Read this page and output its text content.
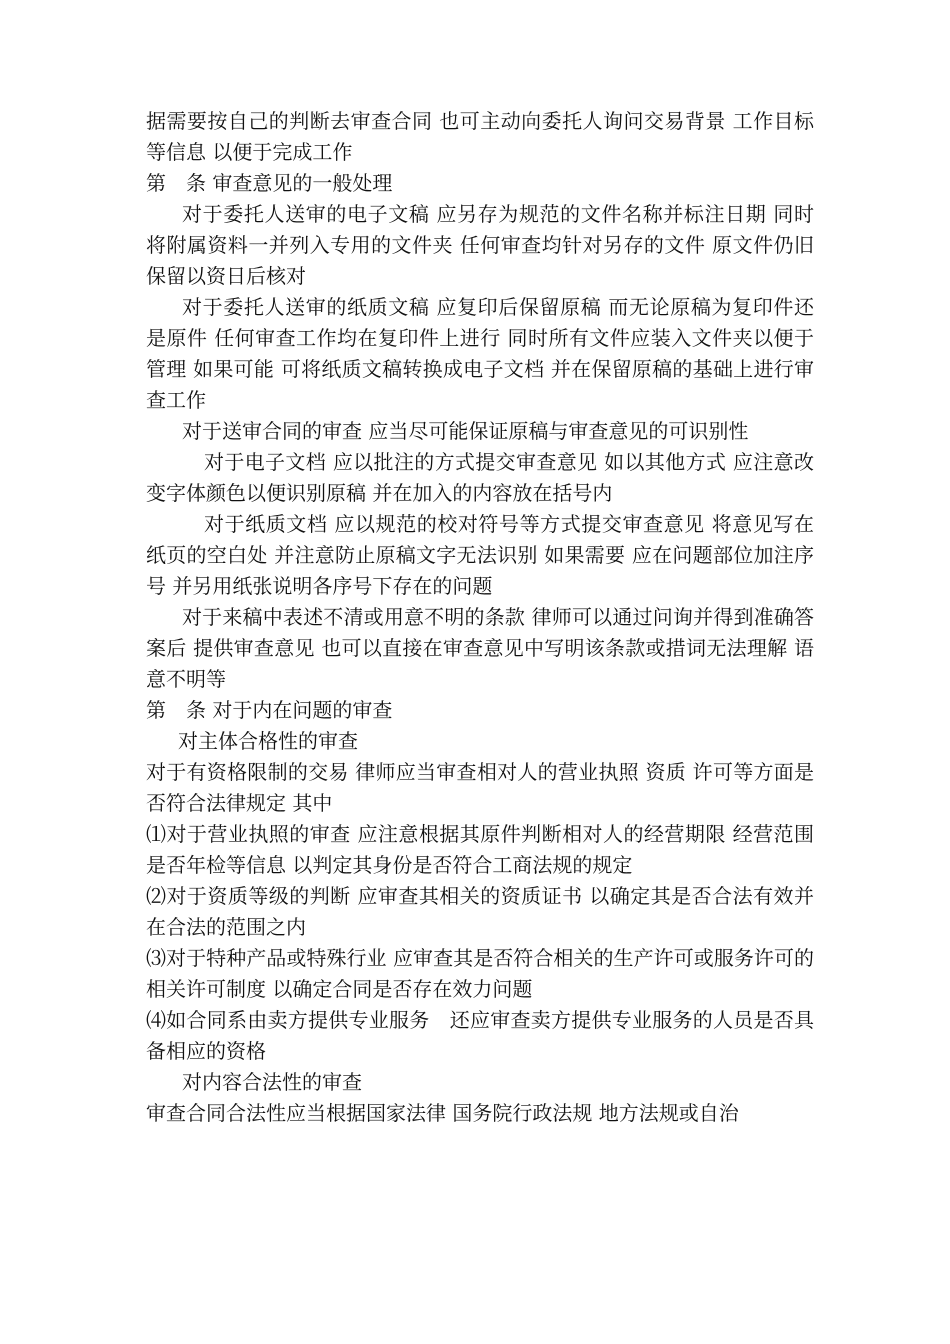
据需要按自己的判断去审查合同 也可主动向委托人询问交易背景 工作目标等信息 以便于完成工作

第　条 审查意见的一般处理

对于委托人送审的电子文稿 应另存为规范的文件名称并标注日期 同时将附属资料一并列入专用的文件夹 任何审查均针对另存的文件 原文件仍旧保留以资日后核对

对于委托人送审的纸质文稿 应复印后保留原稿 而无论原稿为复印件还是原件 任何审查工作均在复印件上进行 同时所有文件应装入文件夹以便于管理 如果可能 可将纸质文稿转换成电子文档 并在保留原稿的基础上进行审查工作

对于送审合同的审查 应当尽可能保证原稿与审查意见的可识别性

对于电子文档 应以批注的方式提交审查意见 如以其他方式 应注意改变字体颜色以便识别原稿 并在加入的内容放在括号内

对于纸质文档 应以规范的校对符号等方式提交审查意见 将意见写在纸页的空白处 并注意防止原稿文字无法识别 如果需要 应在问题部位加注序号 并另用纸张说明各序号下存在的问题

对于来稿中表述不清或用意不明的条款 律师可以通过问询并得到准确答案后 提供审查意见 也可以直接在审查意见中写明该条款或措词无法理解 语意不明等

第　条 对于内在问题的审查

对主体合格性的审查

对于有资格限制的交易 律师应当审查相对人的营业执照 资质 许可等方面是否符合法律规定 其中

⑴对于营业执照的审查 应注意根据其原件判断相对人的经营期限 经营范围 是否年检等信息 以判定其身份是否符合工商法规的规定

⑵对于资质等级的判断 应审查其相关的资质证书 以确定其是否合法有效并在合法的范围之内

⑶对于特种产品或特殊行业 应审查其是否符合相关的生产许可或服务许可的相关许可制度 以确定合同是否存在效力问题

⑷如合同系由卖方提供专业服务　还应审查卖方提供专业服务的人员是否具备相应的资格

对内容合法性的审查

审查合同合法性应当根据国家法律 国务院行政法规 地方法规或自治
